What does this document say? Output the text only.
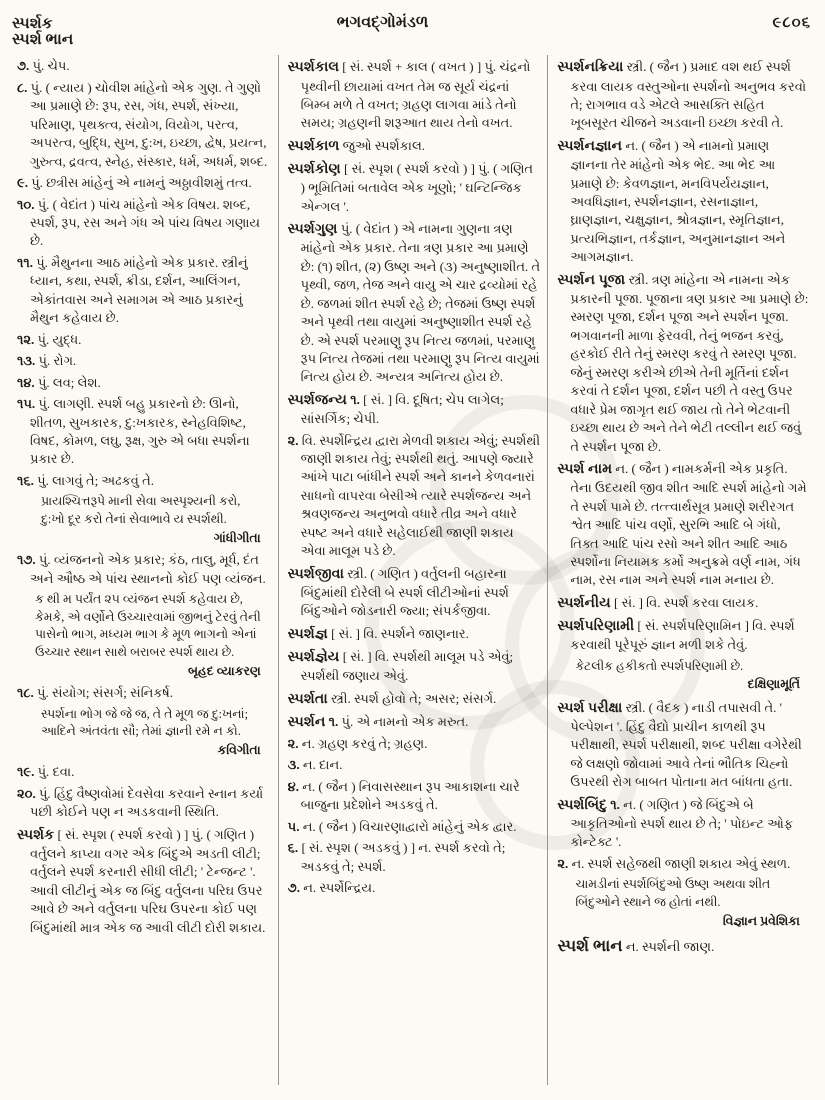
સ્પર્શક	ભગવદ્ગોમંડળ	૯૮૦૬
સ્પર્શ ભાન

૭. પું. ચેપ.

૮. પું. ( ન્યાય ) ચોવીશ માંહેનો એક ગુણ. તે ગુણો આ પ્રમાણે છે: રૂપ, રસ, ગંધ, સ્પર્શ, સંખ્યા, પરિમાણ, પૃથક્ત્વ, સંયોગ, વિયોગ, પરત્વ, અપરત્વ, બુદ્ધિ, સુખ, દુ:ખ, ઇચ્છા, દ્વેષ, પ્રયત્ન, ગુરુત્વ, દ્રવત્વ, સ્નેહ, સંસ્કાર, ધર્મ, અધર્મ, શબ્દ.

૯. પું. છત્રીસ માંહેનું એ નામનું અઠ્ઠાવીશમું તત્વ.

૧૦. પું. ( વેદાંત ) પાંચ માંહેનો એક વિષય. શબ્દ, સ્પર્શ, રૂપ, રસ અને ગંધ એ પાંચ વિષય ગણાય છે.

૧૧. પું. મૈથુનના આઠ માંહેનો એક પ્રકાર. સ્ત્રીનું ધ્યાન, કથા, સ્પર્શ, ક્રીડા, દર્શન, આલિંગન, એકાંતવાસ અને સમાગમ એ આઠ પ્રકારનું મૈથુન કહેવાય છે.

૧૨. પું. યુદ્ધ.

૧૩. પું. રોગ.

૧૪. પું. લવ; લેશ.

૧૫. પું. લાગણી. સ્પર્શ બહુ પ્રકારનો છે: ઊનો, શીતળ, સુખકારક, દુ:ખકારક, સ્નેહવિશિષ્ટ, વિષદ, કોમળ, લઘુ, રૂક્ષ, ગુરુ એ બધા સ્પર્શના પ્રકાર છે.

૧૬. પું. લાગવું તે; અઢકવું તે.

પ્રાયશ્ચિત્તરૂપે માની સેવા અસ્પૃશ્યની કરો,
દુ:ખો દૂર કરો તેનાં સેવાભાવે ય સ્પર્શથી.

ગાંધીગીતા

૧૭. પું. વ્યંજનનો એક પ્રકાર; કંઠ, તાલુ, મૂર્ધ, દંત અને ઔષ્ઠ એ પાંચ સ્થાનનો કોઈ પણ વ્યંજન.

ક થી મ પર્યંત ૨૫ વ્યંજન સ્પર્શ કહેવાય છે, કેમકે, એ વર્ણોને ઉચ્ચારવામાં જીભનું ટેરવું તેની પાસેનો ભાગ, મધ્યમ ભાગ કે મૂળ ભાગનો એનાં ઉચ્ચાર સ્થાન સાથે બરાબર સ્પર્શ થાય છે.

બૃહદ વ્યાકરણ

૧૮. પું. સંયોગ; સંસર્ગ; સંનિકર્ષ.

સ્પર્શના ભોગ જે જે જ, તે તે મૂળ જ દુ:ખનાં;
આદિને અંતવંતા સૌ; તેમાં જ્ઞાની રમે ન કો.

કવિગીતા

૧૯. પું. દવા.

૨૦. પું. હિંદુ વૈષ્ણવોમાં દેવસેવા કરવાને સ્નાન કર્યા પછી કોઈને પણ ન અડકવાની સ્થિતિ.

સ્પર્શક [ સં. સ્પૃશ ( સ્પર્શ કરવો ) ] પું. ( ગણિત ) વર્તુલને કાપ્યા વગર એક બિંદુએ અડતી લીટી; વર્તુલને સ્પર્શ કરનારી સીધી લીટી; ' ટેન્જન્ટ '. આવી લીટીનું એક જ બિંદુ વર્તુલના પરિઘ ઉપર આવે છે અને વર્તુલના પરિઘ ઉપરના કોઈ પણ બિંદુમાંથી માત્ર એક જ આવી લીટી દોરી શકાય.

સ્પર્શકાલ [ સં. સ્પર્શ + કાલ ( વખત ) ] પું. ચંદ્રનો પૃથ્વીની છાયામાં વખત તેમ જ સૂર્ય ચંદ્રનાં બિમ્બ મળે તે વખત; ગ્રહણ લાગવા માંડે તેનો સમય; ગ્રહણની શરૂઆત થાય તેનો વખત.

સ્પર્શકાળ જુઓ સ્પર્શકાલ.

સ્પર્શકોણ [ સં. સ્પૃશ ( સ્પર્શ કરવો ) ] પું. ( ગણિત ) ભૂમિતિમાં બતાવેલ એક ખૂણો; ' ઘન્ટિન્જિક એન્ગલ '.

સ્પર્શગુણ પું. ( વેદાંત ) એ નામના ગુણના ત્રણ માંહેનો એક પ્રકાર. તેના ત્રણ પ્રકાર આ પ્રમાણે છે: (૧) શીત, (૨) ઉષ્ણ અને (૩) અનુષ્ણાશીત. તે પૃથ્વી, જળ, તેજ અને વાયુ એ ચાર દ્રવ્યોમાં રહે છે. જળમાં શીત સ્પર્શ રહે છે; તેજમાં ઉષ્ણ સ્પર્શ અને પૃથ્વી તથા વાયુમાં અનુષ્ણાશીત સ્પર્શ રહે છે. એ સ્પર્શ પરમાણુ રૂપ નિત્ય જળમાં, પરમાણુ રૂપ નિત્ય તેજમાં તથા પરમાણુ રૂપ નિત્ય વાયુમાં નિત્ય હોય છે. અન્યત્ર અનિત્ય હોય છે.

સ્પર્શજન્ય ૧. [ સં. ] વિ. દૂષિત; ચેપ લાગેલ; સાંસર્ગિક; ચેપી.

૨. વિ. સ્પર્શેન્દ્રિય દ્વારા મેળવી શકાય એવું; સ્પર્શથી જાણી શકાય તેવું; સ્પર્શથી થતું. આપણે જ્યારે આંખે પાટા બાંધીને સ્પર્શ અને કાનને કેળવનારાં સાધનો વાપરવા બેસીએ ત્યારે સ્પર્શજન્ય અને શ્રવણજન્ય અનુભવો વધારે તીવ્ર અને વધારે સ્પષ્ટ અને વધારે સહેલાઈથી જાણી શકાય એવા માલૂમ પડે છે.

સ્પર્શજીવા સ્ત્રી. ( ગણિત ) વર્તુલની બહારના બિંદુમાંથી દોરેલી બે સ્પર્શ લીટીઓનાં સ્પર્શ બિંદુઓને જોડનારી જ્યા; સંપર્કજીવા.

સ્પર્શજ્ઞ [ સં. ] વિ. સ્પર્શને જાણનાર.

સ્પર્શજ્ઞેય [ સં. ] વિ. સ્પર્શથી માલૂમ પડે એવું; સ્પર્શથી જણાય એવું.

સ્પર્શતા સ્ત્રી. સ્પર્શ હોવો તે; અસર; સંસર્ગ.

સ્પર્શન ૧. પું. એ નામનો એક મરુત.

૨. ન. ગ્રહણ કરવું તે; ગ્રહણ.

૩. ન. દાન.

૪. ન. ( જૈન ) નિવાસસ્થાન રૂપ આકાશના ચારે બાજુના પ્રદેશોને અડકવું તે.

૫. ન. ( જૈન ) વિચારણાદ્વારો માંહેનું એક દ્વાર.

૬. [ સં. સ્પૃશ ( અડકવું ) ] ન. સ્પર્શ કરવો તે; અડકવું તે; સ્પર્શ.

૭. ન. સ્પર્શેન્દ્રિય.

સ્પર્શનક્રિયા સ્ત્રી. ( જૈન ) પ્રમાદ વશ થઈ સ્પર્શ કરવા લાયક વસ્તુઓના સ્પર્શનો અનુભવ કરવો તે; રાગભાવ વડે એટલે આસક્તિ સહિત ખૂબસૂરત ચીજને અડવાની ઇચ્છા કરવી તે.

સ્પર્શનજ્ઞાન ન. ( જૈન ) એ નામનો પ્રમાણ જ્ઞાનના તેર માંહેનો એક ભેદ. આ ભેદ આ પ્રમાણે છે: કેવળજ્ઞાન, મનવિપર્યયજ્ઞાન, અવધિજ્ઞાન, સ્પર્શનજ્ઞાન, રસનાજ્ઞાન, ઘ્રાણજ્ઞાન, ચક્ષુજ્ઞાન, શ્રોત્રજ્ઞાન, સ્મૃતિજ્ઞાન, પ્રત્યભિજ્ઞાન, તર્કજ્ઞાન, અનુમાનજ્ઞાન અને આગમજ્ઞાન.

સ્પર્શન પૂજા સ્ત્રી. ત્રણ માંહેના એ નામના એક પ્રકારની પૂજા. પૂજાના ત્રણ પ્રકાર આ પ્રમાણે છે: સ્મરણ પૂજા, દર્શન પૂજા અને સ્પર્શન પૂજા. ભગવાનની માળા ફેરવવી, તેનું ભજન કરવું, હરકોઈ રીતે તેનું સ્મરણ કરવું તે સ્મરણ પૂજા. જેનું સ્મરણ કરીએ છીએ તેની મૂર્તિનાં દર્શન કરવાં તે દર્શન પૂજા, દર્શન પછી તે વસ્તુ ઉપર વધારે પ્રેમ જાગૃત થઈ જાય તો તેને ભેટવાની ઇચ્છા થાય છે અને તેને ભેટી તલ્લીન થઈ જવું તે સ્પર્શન પૂજા છે.

સ્પર્શ નામ ન. ( જૈન ) નામકર્મની એક પ્રકૃતિ. તેના ઉદયથી જીવ શીત આદિ સ્પર્શ માંહેનો ગમે તે સ્પર્શ પામે છે. તત્ત્વાર્થસૂત્ર પ્રમાણે શરીરગત શ્વેત આદિ પાંચ વર્ણો, સુરભિ આદિ બે ગંધો, તિક્ત આદિ પાંચ રસો અને શીત આદિ આઠ સ્પર્શોના નિયામક કર્મો અનુક્રમે વર્ણ નામ, ગંધ નામ, રસ નામ અને સ્પર્શ નામ મનાય છે.

સ્પર્શનીય [ સં. ] વિ. સ્પર્શ કરવા લાયક.

સ્પર્શપરિણામી [ સં. સ્પર્શપરિણામિન ] વિ. સ્પર્શ કરવાથી પૂરેપૂરું જ્ઞાન મળી શકે તેવું.

કેટલીક હકીકતો સ્પર્શપરિણામી છે.

દક્ષિણામૂર્તિ

સ્પર્શ પરીક્ષા સ્ત્રી. ( વૈદક ) નાડી તપાસવી તે. ' પેલ્પેશન '. હિંદુ વૈદ્યો પ્રાચીન કાળથી રૂપ પરીક્ષાથી, સ્પર્શ પરીક્ષાથી, શબ્દ પરીક્ષા વગેરેથી જે લક્ષણો જોવામાં આવે તેનાં ભૌતિક ચિહ્નો ઉપરથી રોગ બાબત પોતાના મત બાંધતા હતા.

સ્પર્શબિંદુ ૧. ન. ( ગણિત ) જે બિંદુએ બે આકૃતિઓનો સ્પર્શ થાય છે તે; ' પોઇન્ટ ઓફ કોન્ટેક્ટ '.

૨. ન. સ્પર્શ સહેજથી જાણી શકાય એવું સ્થળ.

ચામડીનાં સ્પર્શબિંદુઓ ઉષ્ણ અથવા શીત બિંદુઓને સ્થાને જ હોતાં નથી.

વિજ્ઞાન પ્રવેશિકા

સ્પર્શ ભાન ન. સ્પર્શની જાણ.
